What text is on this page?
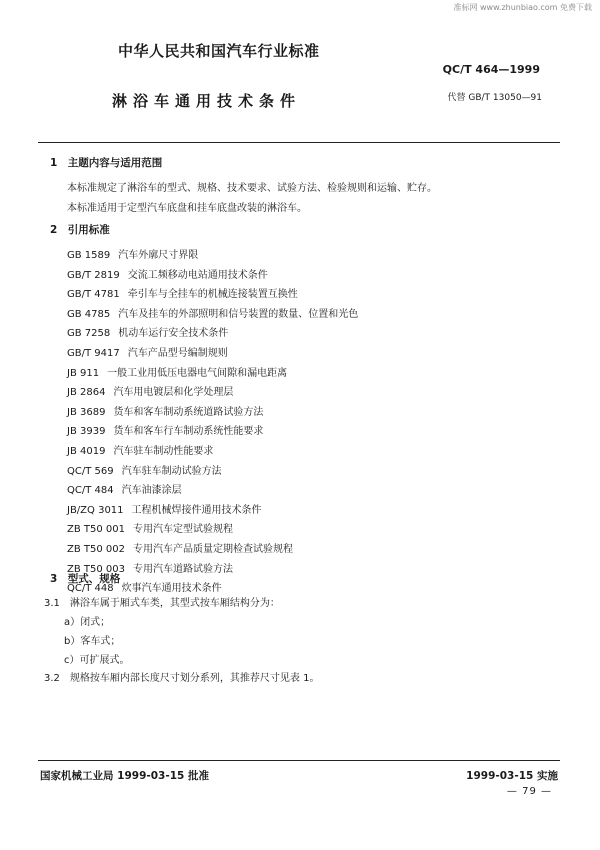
准标网 www.zhunbiao.com 免费下载
中华人民共和国汽车行业标准
QC/T 464—1999
淋浴车通用技术条件	代替 GB/T 13050—91
1　主题内容与适用范围
本标准规定了淋浴车的型式、规格、技术要求、试验方法、检验规则和运输、贮存。
本标准适用于定型汽车底盘和挂车底盘改装的淋浴车。
2　引用标准
GB 1589 汽车外廓尺寸界限
GB/T 2819 交流工频移动电站通用技术条件
GB/T 4781 牵引车与全挂车的机械连接装置互换性
GB 4785 汽车及挂车的外部照明和信号装置的数量、位置和光色
GB 7258 机动车运行安全技术条件
GB/T 9417 汽车产品型号编制规则
JB 911 一般工业用低压电器电气间隙和漏电距离
JB 2864 汽车用电镀层和化学处理层
JB 3689 货车和客车制动系统道路试验方法
JB 3939 货车和客车行车制动系统性能要求
JB 4019 汽车驻车制动性能要求
QC/T 569 汽车驻车制动试验方法
QC/T 484 汽车油漆涂层
JB/ZQ 3011 工程机械焊接件通用技术条件
ZB T50 001 专用汽车定型试验规程
ZB T50 002 专用汽车产品质量定期检查试验规程
ZB T50 003 专用汽车道路试验方法
QC/T 448 炊事汽车通用技术条件
3　型式、规格
3.1　淋浴车属于厢式车类，其型式按车厢结构分为：
a）闭式；
b）客车式；
c）可扩展式。
3.2　规格按车厢内部长度尺寸划分系列，其推荐尺寸见表 1。
国家机械工业局 1999-03-15 批准	1999-03-15 实施
— 79 —
